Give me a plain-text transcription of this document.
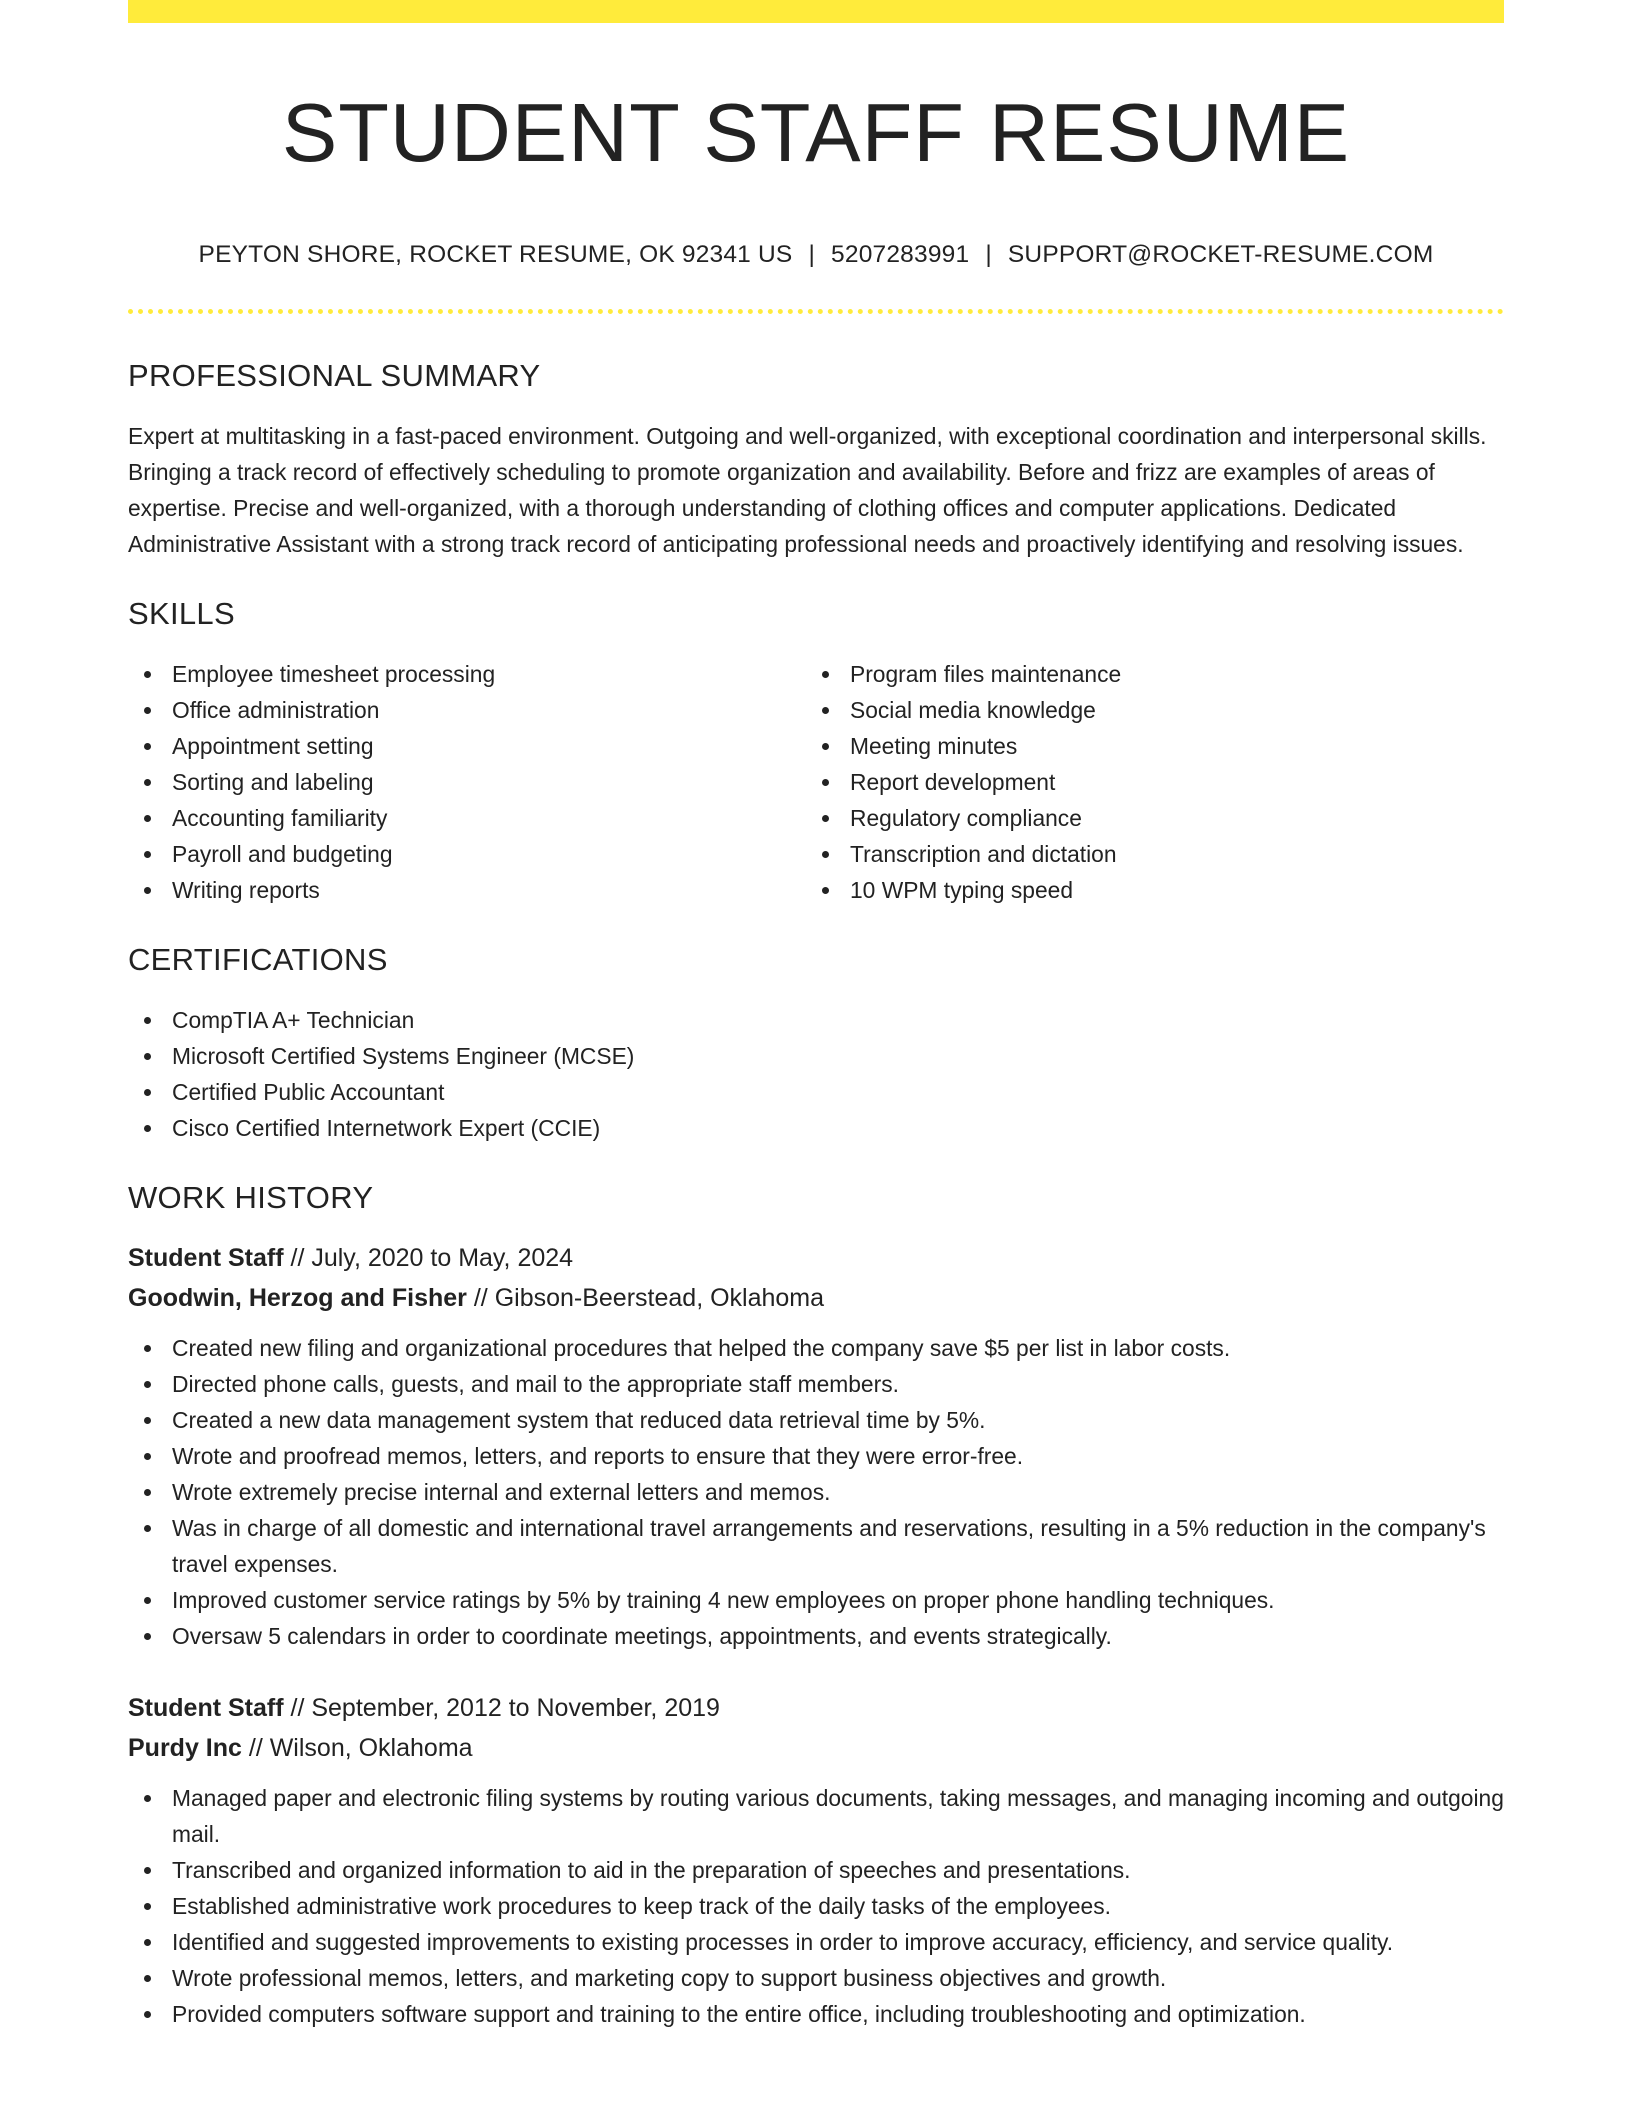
STUDENT STAFF RESUME
PEYTON SHORE, ROCKET RESUME, OK 92341 US | 5207283991 | SUPPORT@ROCKET-RESUME.COM
PROFESSIONAL SUMMARY

Expert at multitasking in a fast-paced environment. Outgoing and well-organized, with exceptional coordination and interpersonal skills. Bringing a track record of effectively scheduling to promote organization and availability. Before and frizz are examples of areas of expertise. Precise and well-organized, with a thorough understanding of clothing offices and computer applications. Dedicated Administrative Assistant with a strong track record of anticipating professional needs and proactively identifying and resolving issues.

SKILLS
Employee timesheet processing
Office administration
Appointment setting
Sorting and labeling
Accounting familiarity
Payroll and budgeting
Writing reports
Program files maintenance
Social media knowledge
Meeting minutes
Report development
Regulatory compliance
Transcription and dictation
10 WPM typing speed
CERTIFICATIONS
CompTIA A+ Technician
Microsoft Certified Systems Engineer (MCSE)
Certified Public Accountant
Cisco Certified Internetwork Expert (CCIE)
WORK HISTORY
Student Staff // July, 2020 to May, 2024
Goodwin, Herzog and Fisher // Gibson-Beerstead, Oklahoma
Created new filing and organizational procedures that helped the company save $5 per list in labor costs.
Directed phone calls, guests, and mail to the appropriate staff members.
Created a new data management system that reduced data retrieval time by 5%.
Wrote and proofread memos, letters, and reports to ensure that they were error-free.
Wrote extremely precise internal and external letters and memos.
Was in charge of all domestic and international travel arrangements and reservations, resulting in a 5% reduction in the company's travel expenses.
Improved customer service ratings by 5% by training 4 new employees on proper phone handling techniques.
Oversaw 5 calendars in order to coordinate meetings, appointments, and events strategically.
Student Staff // September, 2012 to November, 2019
Purdy Inc // Wilson, Oklahoma
Managed paper and electronic filing systems by routing various documents, taking messages, and managing incoming and outgoing mail.
Transcribed and organized information to aid in the preparation of speeches and presentations.
Established administrative work procedures to keep track of the daily tasks of the employees.
Identified and suggested improvements to existing processes in order to improve accuracy, efficiency, and service quality.
Wrote professional memos, letters, and marketing copy to support business objectives and growth.
Provided computers software support and training to the entire office, including troubleshooting and optimization.
